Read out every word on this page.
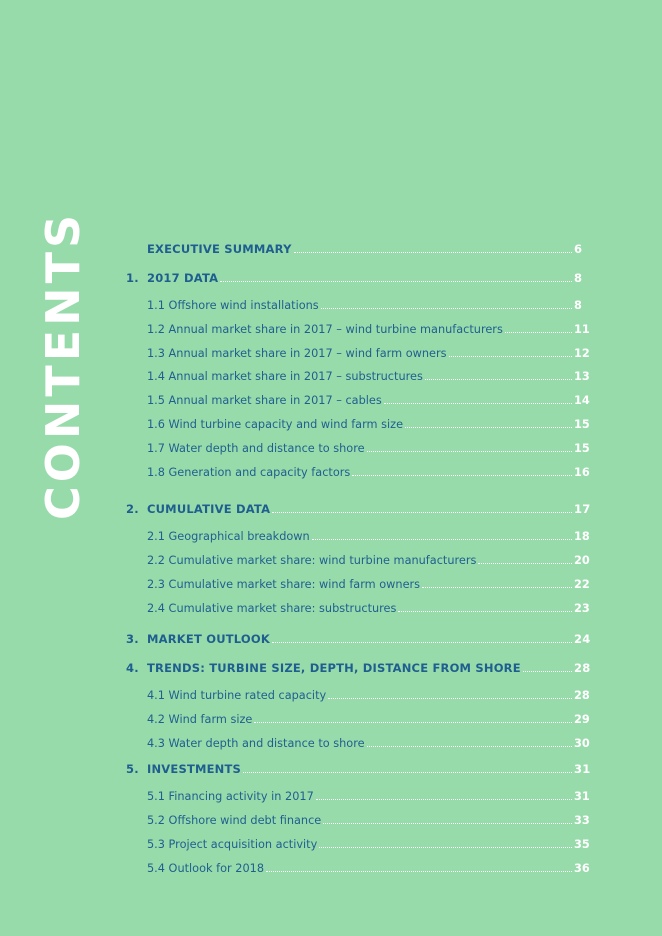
CONTENTS	EXECUTIVE SUMMARY	6
1. 2017 DATA	8
1.1 Offshore wind installations	8
1.2 Annual market share in 2017 – wind turbine manufacturers	11
1.3 Annual market share in 2017 – wind farm owners	12
1.4 Annual market share in 2017 – substructures	13
1.5 Annual market share in 2017 – cables	14
1.6 Wind turbine capacity and wind farm size	15
1.7 Water depth and distance to shore	15
1.8 Generation and capacity factors	16
2. CUMULATIVE DATA	17
2.1 Geographical breakdown	18
2.2 Cumulative market share: wind turbine manufacturers	20
2.3 Cumulative market share: wind farm owners	22
2.4 Cumulative market share: substructures	23
3. MARKET OUTLOOK	24
4. TRENDS: TURBINE SIZE, DEPTH, DISTANCE FROM SHORE	28
4.1 Wind turbine rated capacity	28
4.2 Wind farm size	29
4.3 Water depth and distance to shore	30
5. INVESTMENTS	31
5.1 Financing activity in 2017	31
5.2 Offshore wind debt finance	33
5.3 Project acquisition activity	35
5.4 Outlook for 2018	36
